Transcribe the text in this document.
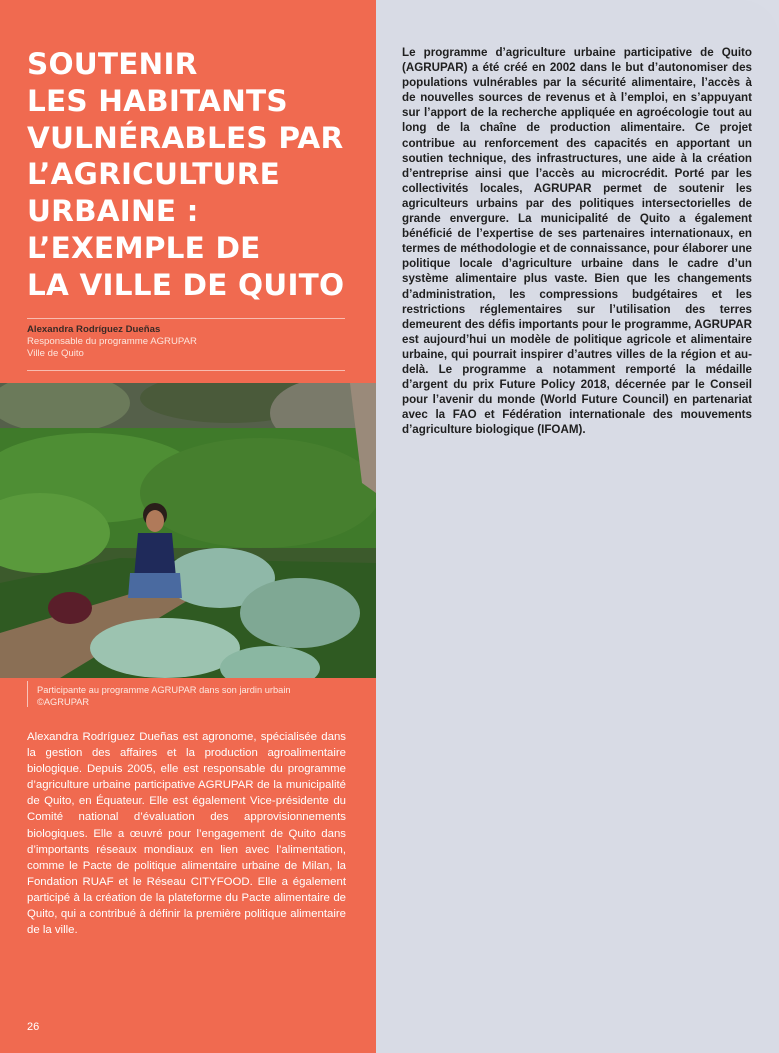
SOUTENIR
LES HABITANTS
VULNÉRABLES PAR
L’AGRICULTURE
URBAINE :
L’EXEMPLE DE
LA VILLE DE QUITO
Alexandra Rodríguez Dueñas
Responsable du programme AGRUPAR
Ville de Quito
Participante au programme AGRUPAR dans son jardin urbain
©AGRUPAR
Alexandra Rodríguez Dueñas est agronome, spécialisée dans la gestion des affaires et la production agroalimentaire biologique. Depuis 2005, elle est responsable du programme d’agriculture urbaine participative AGRUPAR de la municipalité de Quito, en Équateur. Elle est également Vice-présidente du Comité national d’évaluation des approvisionnements biologiques. Elle a œuvré pour l’engagement de Quito dans d’importants réseaux mondiaux en lien avec l’alimentation, comme le Pacte de politique alimentaire urbaine de Milan, la Fondation RUAF et le Réseau CITYFOOD. Elle a également participé à la création de la plateforme du Pacte alimentaire de Quito, qui a contribué à définir la première politique alimentaire de la ville.
26
Le programme d’agriculture urbaine participative de Quito (AGRUPAR) a été créé en 2002 dans le but d’autonomiser des populations vulnérables par la sécurité alimentaire, l’accès à de nouvelles sources de revenus et à l’emploi, en s’appuyant sur l’apport de la recherche appliquée en agroécologie tout au long de la chaîne de production alimentaire. Ce projet contribue au renforcement des capacités en apportant un soutien technique, des infrastructures, une aide à la création d’entreprise ainsi que l’accès au microcrédit. Porté par les collectivités locales, AGRUPAR permet de soutenir les agriculteurs urbains par des politiques intersectorielles de grande envergure. La municipalité de Quito a également bénéficié de l’expertise de ses partenaires internationaux, en termes de méthodologie et de connaissance, pour élaborer une politique locale d’agriculture urbaine dans le cadre d’un système alimentaire plus vaste. Bien que les changements d’administration, les compressions budgétaires et les restrictions réglementaires sur l’utilisation des terres demeurent des défis importants pour le programme, AGRUPAR est aujourd’hui un modèle de politique agricole et alimentaire urbaine, qui pourrait inspirer d’autres villes de la région et au-delà. Le programme a notamment remporté la médaille d’argent du prix Future Policy 2018, décernée par le Conseil pour l’avenir du monde (World Future Council) en partenariat avec la FAO et Fédération internationale des mouvements d’agriculture biologique (IFOAM).
